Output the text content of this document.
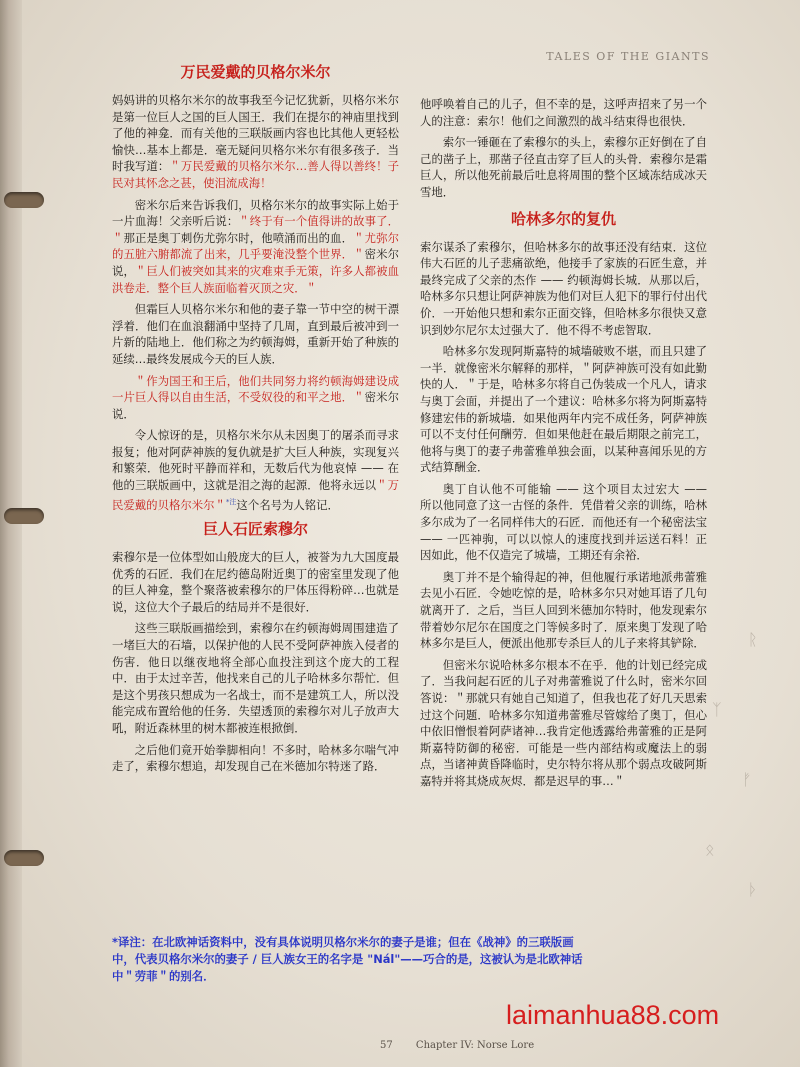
ᚱ
ᛉ
ᚠ
ᛟ
ᚦ
TALES OF THE GIANTS
万民爱戴的贝格尔米尔

妈妈讲的贝格尔米尔的故事我至今记忆犹新，贝格尔米尔是第一位巨人之国的巨人国王．我们在提尔的神庙里找到了他的神龛．而有关他的三联版画内容也比其他人更轻松愉快…基本上都是．毫无疑问贝格尔米尔有很多孩子．当时我写道：＂万民爱戴的贝格尔米尔…善人得以善终！子民对其怀念之甚，使泪流成海！

密米尔后来告诉我们，贝格尔米尔的故事实际上始于一片血海！父亲听后说：＂终于有一个值得讲的故事了．＂那正是奥丁刺伤尤弥尔时，他喷涌而出的血．＂尤弥尔的五脏六腑都流了出来，几乎要淹没整个世界．＂密米尔说，＂巨人们被突如其来的灾难束手无策，许多人都被血洪卷走．整个巨人族面临着灭顶之灾．＂

但霜巨人贝格尔米尔和他的妻子靠一节中空的树干漂浮着．他们在血浪翻涌中坚持了几周，直到最后被冲到一片新的陆地上．他们称之为约顿海姆，重新开始了种族的延续…最终发展成今天的巨人族．

＂作为国王和王后，他们共同努力将约顿海姆建设成一片巨人得以自由生活，不受奴役的和平之地．＂密米尔说．

令人惊讶的是，贝格尔米尔从未因奥丁的屠杀而寻求报复；他对阿萨神族的复仇就是扩大巨人种族，实现复兴和繁荣．他死时平静而祥和，无数后代为他哀悼 —— 在他的三联版画中，这就是泪之海的起源．他将永远以＂万民爱戴的贝格尔米尔＂$^{*注}$这个名号为人铭记．

巨人石匠索穆尔

索穆尔是一位体型如山般庞大的巨人，被誉为九大国度最优秀的石匠．我们在尼约德岛附近奥丁的密室里发现了他的巨人神龛，整个聚落被索穆尔的尸体压得粉碎…也就是说，这位大个子最后的结局并不是很好．

这些三联版画描绘到，索穆尔在约顿海姆周围建造了一堵巨大的石墙，以保护他的人民不受阿萨神族入侵者的伤害．他日以继夜地将全部心血投注到这个庞大的工程中．由于太过辛苦，他找来自己的儿子哈林多尔帮忙．但是这个男孩只想成为一名战士，而不是建筑工人，所以没能完成布置给他的任务．失望透顶的索穆尔对儿子放声大吼，附近森林里的树木都被连根掀倒．

之后他们竟开始拳脚相向！不多时，哈林多尔喘气冲走了，索穆尔想追，却发现自己在米德加尔特迷了路．

他呼唤着自己的儿子，但不幸的是，这呼声招来了另一个人的注意：索尔！他们之间激烈的战斗结束得也很快．

索尔一锤砸在了索穆尔的头上，索穆尔正好倒在了自己的凿子上，那凿子径直击穿了巨人的头骨．索穆尔是霜巨人，所以他死前最后吐息将周围的整个区域冻结成冰天雪地．

哈林多尔的复仇

索尔谋杀了索穆尔，但哈林多尔的故事还没有结束．这位伟大石匠的儿子悲痛欲绝，他接手了家族的石匠生意，并最终完成了父亲的杰作 —— 约顿海姆长城．从那以后，哈林多尔只想让阿萨神族为他们对巨人犯下的罪行付出代价．一开始他只想和索尔正面交锋，但哈林多尔很快又意识到妙尔尼尔太过强大了．他不得不考虑智取．

哈林多尔发现阿斯嘉特的城墙破败不堪，而且只建了一半．就像密米尔解释的那样，＂阿萨神族可没有如此勤快的人．＂于是，哈林多尔将自己伪装成一个凡人，请求与奥丁会面，并提出了一个建议：哈林多尔将为阿斯嘉特修建宏伟的新城墙．如果他两年内完不成任务，阿萨神族可以不支付任何酬劳．但如果他赶在最后期限之前完工，他将与奥丁的妻子弗蕾雅单独会面，以某种喜闻乐见的方式结算酬金．

奥丁自认他不可能输 —— 这个项目太过宏大 —— 所以他同意了这一古怪的条件．凭借着父亲的训练，哈林多尔成为了一名同样伟大的石匠．而他还有一个秘密法宝 —— 一匹神驹，可以以惊人的速度找到并运送石料！正因如此，他不仅造完了城墙，工期还有余裕．

奥丁并不是个输得起的神，但他履行承诺地派弗蕾雅去见小石匠．令她吃惊的是，哈林多尔只对她耳语了几句就离开了．之后，当巨人回到米德加尔特时，他发现索尔带着妙尔尼尔在国度之门等候多时了．原来奥丁发现了哈林多尔是巨人，便派出他那专杀巨人的儿子来将其铲除．

但密米尔说哈林多尔根本不在乎．他的计划已经完成了．当我问起石匠的儿子对弗蕾雅说了什么时，密米尔回答说：＂那就只有她自己知道了，但我也花了好几天思索过这个问题．哈林多尔知道弗蕾雅尽管嫁给了奥丁，但心中依旧憎恨着阿萨诸神…我肯定他透露给弗蕾雅的正是阿斯嘉特防御的秘密．可能是一些内部结构或魔法上的弱点，当诸神黄昏降临时，史尔特尔将从那个弱点攻破阿斯嘉特并将其烧成灰烬．都是迟早的事…＂

*译注：在北欧神话资料中，没有具体说明贝格尔米尔的妻子是谁；但在《战神》的三联版画中，代表贝格尔米尔的妻子 / 巨人族女王的名字是 "Nál"——巧合的是，这被认为是北欧神话中＂劳菲＂的别名．
laimanhua88.com
57 Chapter IV: Norse Lore
